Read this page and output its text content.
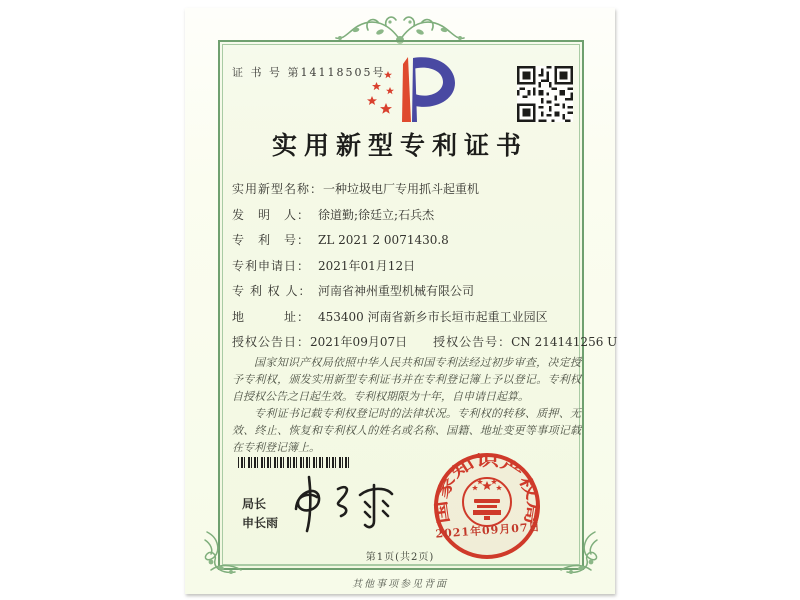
证 书 号 第14118505号
实用新型专利证书
实用新型名称：一种垃圾电厂专用抓斗起重机
发　明　人： 徐道勤;徐廷立;石兵杰
专　利　号： ZL 2021 2 0071430.8
专利申请日： 2021年01月12日
专 利 权 人： 河南省神州重型机械有限公司
地　　　址： 453400 河南省新乡市长垣市起重工业园区
授权公告日：2021年09月07日 授权公告号：CN 214141256 U

国家知识产权局依照中华人民共和国专利法经过初步审查，决定授予专利权，颁发实用新型专利证书并在专利登记簿上予以登记。专利权自授权公告之日起生效。专利权期限为十年，自申请日起算。

专利证书记载专利权登记时的法律状况。专利权的转移、质押、无效、终止、恢复和专利权人的姓名或名称、国籍、地址变更等事项记载在专利登记簿上。

局长
申长雨	国家知识产权局
2021年09月07日
第1页(共2页)
其他事项参见背面
